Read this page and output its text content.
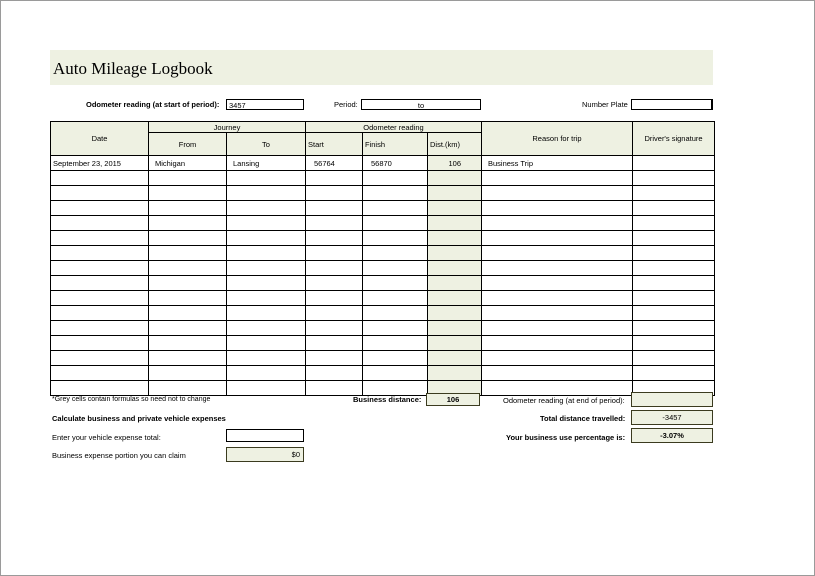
Auto Mileage Logbook
Odometer reading (at start of period):	3457	Period:	to	Number Plate
Date	Journey		Odometer reading			Reason for trip	Driver's signature
	From	To	Start	Finish	Dist.(km)		
September 23, 2015	Michigan	Lansing	56764	56870	106	Business Trip	

*Grey cells contain formulas so need not to change	Business distance:	106	Odometer reading (at end of period):
Calculate business and private vehicle expenses	Total distance travelled:	-3457
Enter your vehicle expense total:	Your business use percentage is:	-3.07%
Business expense portion you can claim	$0
